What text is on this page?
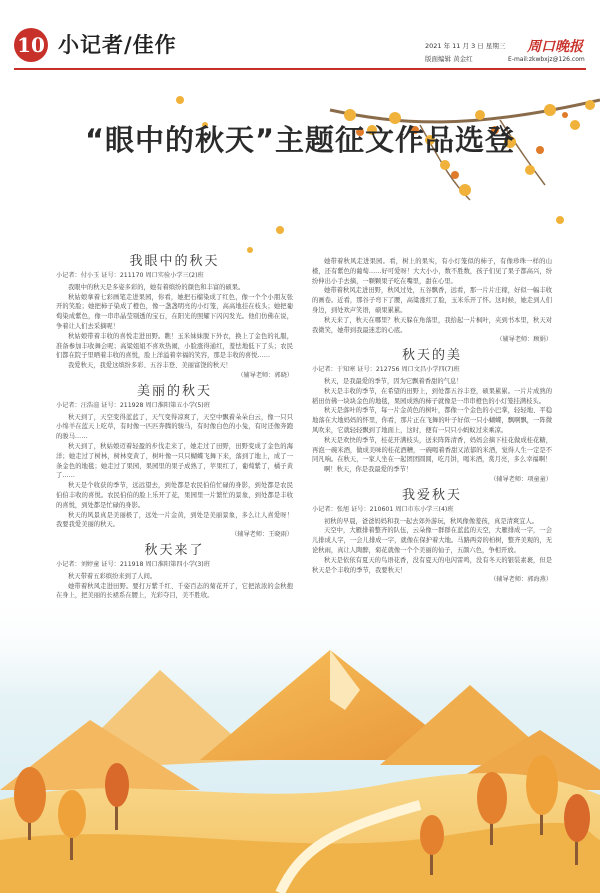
10 小记者/佳作	2021 年 11 月 3 日 星期三
版面编辑 黄金红
周口晚报
E-mail:zkwbxjz@126.com
“眼中的秋天”主题征文作品选登
我眼中的秋天
小记者：付小玉 证号：211170 周口实验小学三(2)班

我眼中的秋天是多姿多彩的，她有着缤纷的颜色和丰富的硕果。

秋姑娘拿着七彩画笔走进果园，你看，她把石榴染成了红色，像一个个小朋友张开的笑脸；她把柿子染成了橙色，像一盏盏明亮的小灯笼，高高地挂在枝头；她把葡萄染成紫色，像一串串晶莹剔透的宝石，在阳光的照耀下闪闪发光。他们仿佛在说，争着让人们去采摘呢！

秋姑娘带着丰收的喜悦走进田野。瞧！玉米妹妹脱下外衣，换上了金色的礼服，准备参加丰收舞会呢；高粱姐姐不喜欢热闹，小脸涨得通红，羞怯地低下了头；农民们都在院子里晒着丰收的喜悦，脸上洋溢着幸福的笑容，那是丰收的喜悦……

我爱秋天，我爱这缤纷多彩、五谷丰登、美丽富饶的秋天！

（辅导老师：郭晓）
美丽的秋天
小记者：汪浩渲 证号：211928 周口淮阳第五小学(5)班

秋天到了，天空变得蓝蓝了，天气变得凉爽了，天空中飘着朵朵白云，像一只只小绵羊在蓝天上吃草，有时像一匹匹奔腾的骏马，有时像白色的小兔，有时还像奔跑的骏马……

秋天到了，秋姑娘迈着轻盈的步伐走来了，她走过了田野，田野变成了金色的海洋；她走过了树林，树林变黄了，树叶像一只只蝴蝶飞舞下来，落到了地上，成了一条金色的地毯；她走过了果园，果园里的果子成熟了，苹果红了，葡萄紫了，橘子黄了……

秋天是个收获的季节，远远望去，到处都是农民伯伯忙碌的身影，到处都是农民伯伯丰收的喜悦。农民伯伯的脸上乐开了花，果园里一片繁忙的景象，到处都是丰收的喜悦，到处都是忙碌的身影。

秋天的风景真是美丽极了，远处一片金黄，到处是美丽景象，多么让人喜爱呀！我要我爱美丽的秋天。

（辅导老师：王晓雨）
秋天来了
小记者：刘婷童 证号：211918 周口淮阳第四小学(3)班

秋天带着五彩缤纷来到了人间。

她带着秋风走进田野。要打万紫千红、千姿百态的菊花开了，它把浓浓的金秋抱

她带着秋风走进果园。看，树上的果实，有小灯笼似的柿子，有像珍珠一样的山楂，还有紫色的葡萄……好可爱呀！大大小小，数不胜数，孩子们见了果子都高兴，纷纷伸出小手去摘，一颗颗果子吃在嘴里，甜在心里。

她带着秋风走进田野，秋风过处，五谷飘香，远看，那一片片庄稼，好似一幅丰收的画卷。近看，那谷子弯下了腰，高粱涨红了脸，玉米乐开了怀。这时候，她走到人们身边，到处欢声笑语，硕果累累。

秋天来了，秋天在哪里？秋天躲在角落里，我拾起一片枫叶，夹到书本里，秋天对我微笑，她带到我最迷恋的心底。

（辅导老师：顾娟）
秋天的美
小记者：于知寒 证号：212756 周口文昌小学四(7)班

秋天，是我最爱的季节，因为它飘着香甜的气息！

秋天是丰收的季节，在希望的田野上，到处都五谷丰登，硕果累累。一片片成熟的稻田仿佛一块块金色的地毯，果园成熟的柿子就像是一串串橙色的小灯笼挂满枝头。

秋天是落叶的季节，每一片金黄色的树叶，都像一个金色的小巴掌，轻轻地、平稳地落在大地妈妈的怀里，你看，那片正在飞舞的叶子好似一只小蝴蝶，飘啊飘，一阵微风吹来，它就轻轻飘到了地面上，这时，便有一只只小蚂蚁过来乘凉。

秋天是欢快的季节，桂花开满枝头，送来阵阵清香，妈妈会摘下桂花做成桂花糖，再泡一碗米酒，做成美味的桂花酒糟，一碗喝着香甜又浓郁的米酒，觉得人生一定是不同凡响。在秋天，一家人坐在一起团团圆圆，吃月饼，喝米酒，赏月亮，多么幸福啊！

啊！秋天，你是我最爱的季节！

（辅导老师：项童童）
我爱秋天
小记者：张旭 证号：210601 周口市东小学三(4)班

初秋的早晨，爸爸妈妈和我一起去郊外游玩，秋风像像羞孩，真是清爽宜人。

天空中，大雁排着整齐的队伍，云朵像一群群在蓝蓝的天空，大雁排成一字，一会儿排成人字，一会儿排成一字，就像在保护着大地。马路两旁的柏树，整齐美观的，无论秋雨，真让人陶醉，菊花就像一个个美丽的仙子，五颜六色，争相开放。

秋天是依依有夏天的鸟语花香，没有夏天的电闪雷鸣，没有冬天的银装素裹，但是秋天是个丰收的季节，我要秋天！

（辅导老师：郭海燕）
